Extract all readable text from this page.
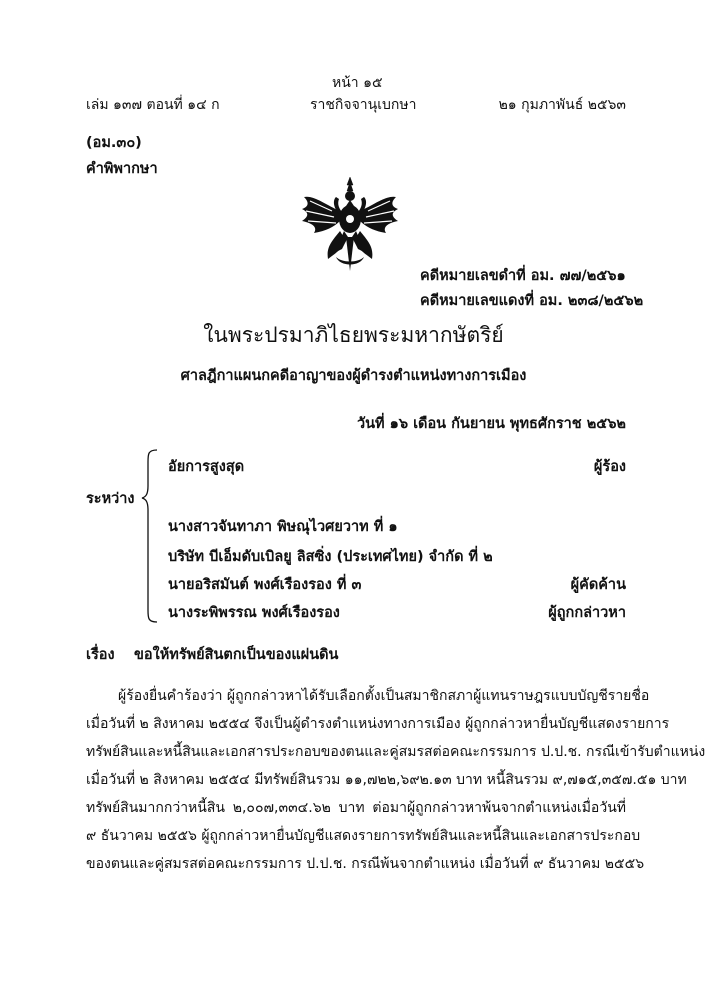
หน้า ๑๕
เล่ม ๑๓๗ ตอนที่ ๑๔ ก	ราชกิจจานุเบกษา	๒๑ กุมภาพันธ์ ๒๕๖๓
(อม.๓๐)
คำพิพากษา
คดีหมายเลขดำที่ อม. ๗๗/๒๕๖๑
คดีหมายเลขแดงที่ อม. ๒๓๘/๒๕๖๒
ในพระปรมาภิไธยพระมหากษัตริย์
ศาลฎีกาแผนกคดีอาญาของผู้ดำรงตำแหน่งทางการเมือง
วันที่ ๑๖ เดือน กันยายน พุทธศักราช ๒๕๖๒
ระหว่าง
อัยการสูงสุด	ผู้ร้อง
นางสาวจันทาภา พิษณุไวศยวาท ที่ ๑
บริษัท บีเอ็มดับเบิลยู ลิสซิ่ง (ประเทศไทย) จำกัด ที่ ๒
นายอริสมันต์ พงศ์เรืองรอง ที่ ๓	ผู้คัดค้าน
นางระพิพรรณ พงศ์เรืองรอง	ผู้ถูกกล่าวหา
เรื่อง ขอให้ทรัพย์สินตกเป็นของแผ่นดิน
ผู้ร้องยื่นคำร้องว่า ผู้ถูกกล่าวหาได้รับเลือกตั้งเป็นสมาชิกสภาผู้แทนราษฎรแบบบัญชีรายชื่อ
เมื่อวันที่ ๒ สิงหาคม ๒๕๕๔ จึงเป็นผู้ดำรงตำแหน่งทางการเมือง ผู้ถูกกล่าวหายื่นบัญชีแสดงรายการ
ทรัพย์สินและหนี้สินและเอกสารประกอบของตนและคู่สมรสต่อคณะกรรมการ ป.ป.ช. กรณีเข้ารับตำแหน่ง
เมื่อวันที่ ๒ สิงหาคม ๒๕๕๔ มีทรัพย์สินรวม ๑๑,๗๒๒,๖๙๒.๑๓ บาท หนี้สินรวม ๙,๗๑๕,๓๕๗.๕๑ บาท
ทรัพย์สินมากกว่าหนี้สิน ๒,๐๐๗,๓๓๔.๖๒ บาท ต่อมาผู้ถูกกล่าวหาพ้นจากตำแหน่งเมื่อวันที่
๙ ธันวาคม ๒๕๕๖ ผู้ถูกกล่าวหายื่นบัญชีแสดงรายการทรัพย์สินและหนี้สินและเอกสารประกอบ
ของตนและคู่สมรสต่อคณะกรรมการ ป.ป.ช. กรณีพ้นจากตำแหน่ง เมื่อวันที่ ๙ ธันวาคม ๒๕๕๖
